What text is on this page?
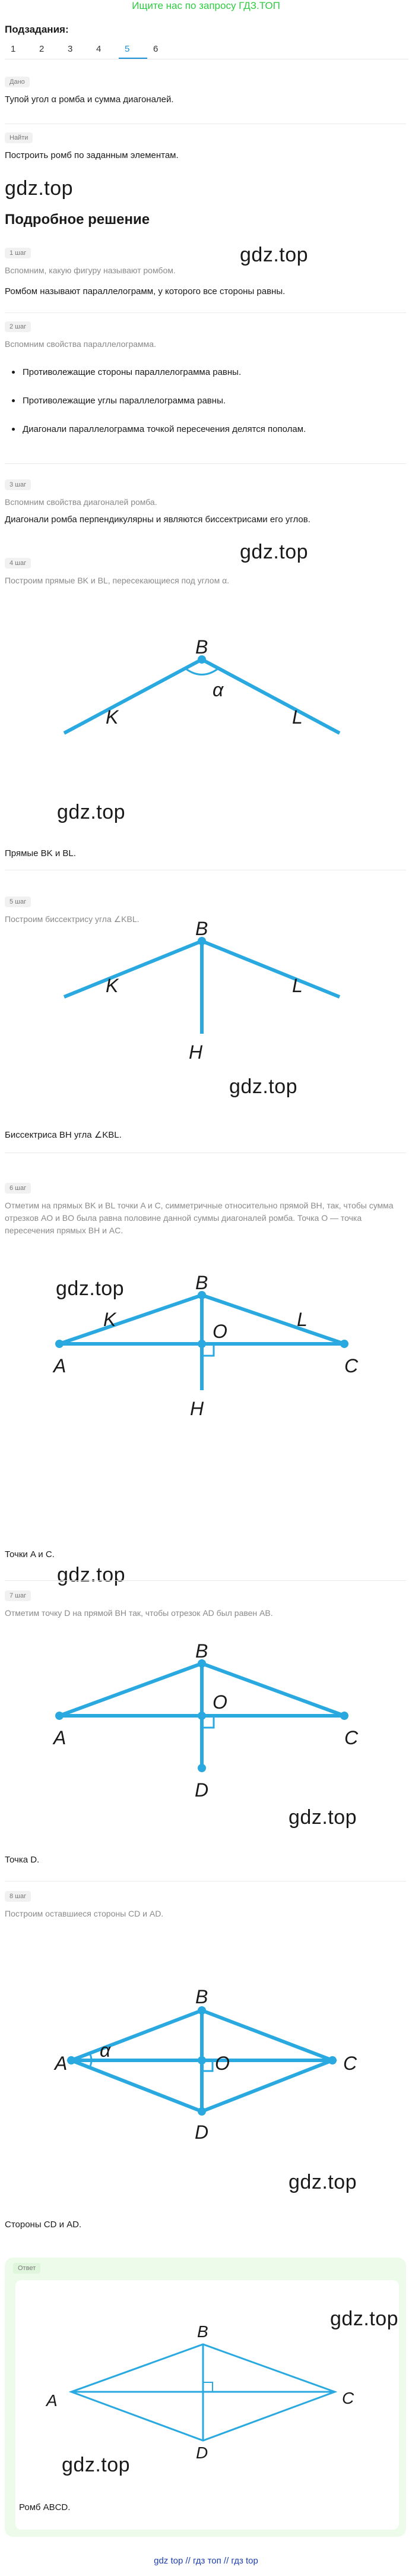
Ищите нас по запросу ГДЗ.ТОП
Подзадания:
1	2	3	4	5	6
Дано
Тупой угол α ромба и сумма диагоналей.
Найти
Построить ромб по заданным элементам.
gdz.top
Подробное решение
gdz.top
1 шаг
Вспомним, какую фигуру называют ромбом.
Ромбом называют параллелограмм, у которого все стороны равны.
2 шаг
Вспомним свойства параллелограмма.
Противолежащие стороны параллелограмма равны.
Противолежащие углы параллелограмма равны.
Диагонали параллелограмма точкой пересечения делятся пополам.
3 шаг
Вспомним свойства диагоналей ромба.
Диагонали ромба перпендикулярны и являются биссектрисами его углов.
gdz.top
4 шаг
Построим прямые BK и BL, пересекающиеся под углом α.
B
K	L
α
gdz.top
Прямые BK и BL.
5 шаг
Построим биссектрису угла ∠KBL.	B
K	L
H
gdz.top
Биссектриса BH угла ∠KBL.
6 шаг
Отметим на прямых BK и BL точки A и C, симметричные относительно прямой BH, так, чтобы сумма отрезков AO и BO была равна половине данной суммы диагоналей ромба. Точка O — точка пересечения прямых BH и AC.
B
K	L
A	C
O
H
gdz.top
Точки A и C.
gdz.top
7 шаг
Отметим точку D на прямой BH так, чтобы отрезок AD был равен AB.
B
A	C
O
D
gdz.top
Точка D.
8 шаг
Построим оставшиеся стороны CD и AD.
B
A	C
O
D
α
gdz.top
Стороны CD и AD.
Ответ
B
A	C
D
gdz.top
gdz.top
Ромб ABCD.
gdz top // гдз топ // гдз top
